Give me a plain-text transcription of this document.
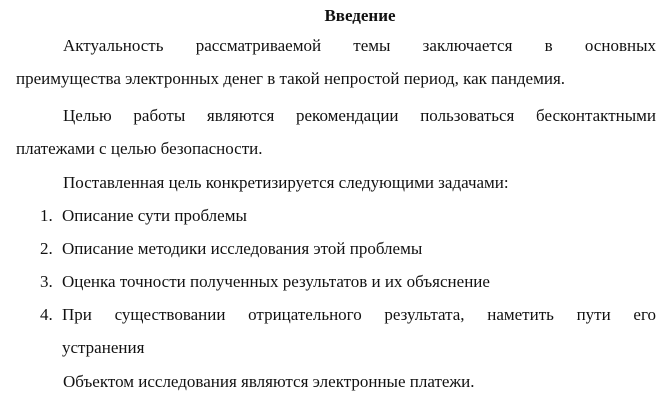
Введение
Актуальность рассматриваемой темы заключается в основных
преимущества электронных денег в такой непростой период, как пандемия.
Целью работы являются рекомендации пользоваться бесконтактными
платежами с целью безопасности.
Поставленная цель конкретизируется следующими задачами:
1. Описание сути проблемы
2. Описание методики исследования этой проблемы
3. Оценка точности полученных результатов и их объяснение
4. При существовании отрицательного результата, наметить пути его
устранения
Объектом исследования являются электронные платежи.
